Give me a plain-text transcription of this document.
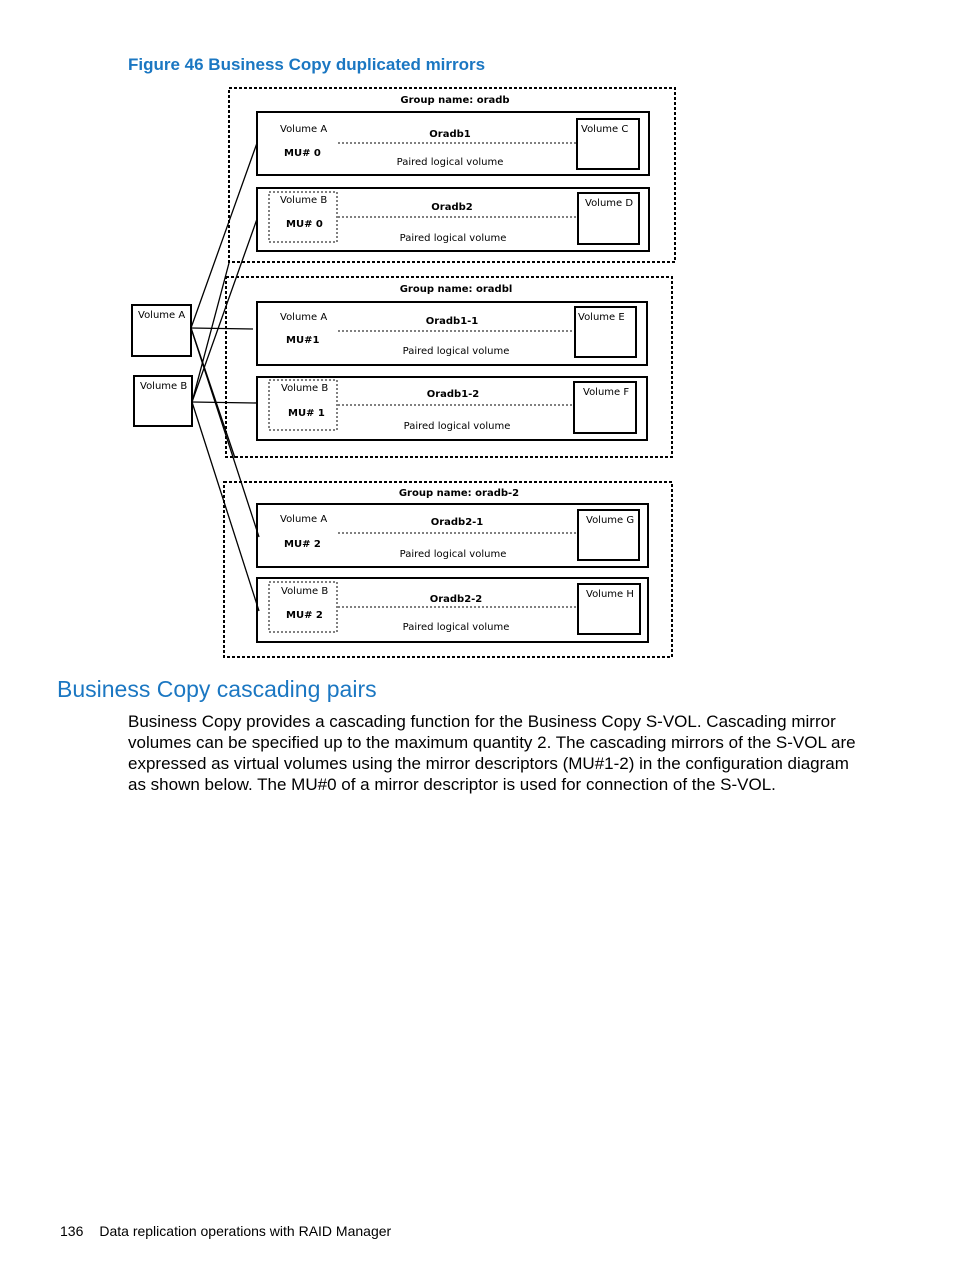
Figure 46 Business Copy duplicated mirrors
Group name: oradb
Volume A
MU# 0
Oradb1
Paired logical volume
Volume C
Volume B
MU# 0
Oradb2
Paired logical volume
Volume D
Group name: oradbl
Volume A
MU#1
Oradb1-1
Paired logical volume
Volume E
Volume B
MU# 1
Oradb1-2
Paired logical volume
Volume F
Group name: oradb-2
Volume A
MU# 2
Oradb2-1
Paired logical volume
Volume G
Volume B
MU# 2
Oradb2-2
Paired logical volume
Volume H
Volume A
Volume B
Business Copy cascading pairs
Business Copy provides a cascading function for the Business Copy S-VOL. Cascading mirror
volumes can be specified up to the maximum quantity 2. The cascading mirrors of the S-VOL are
expressed as virtual volumes using the mirror descriptors (MU#1-2) in the configuration diagram
as shown below. The MU#0 of a mirror descriptor is used for connection of the S-VOL.
136 Data replication operations with RAID Manager
